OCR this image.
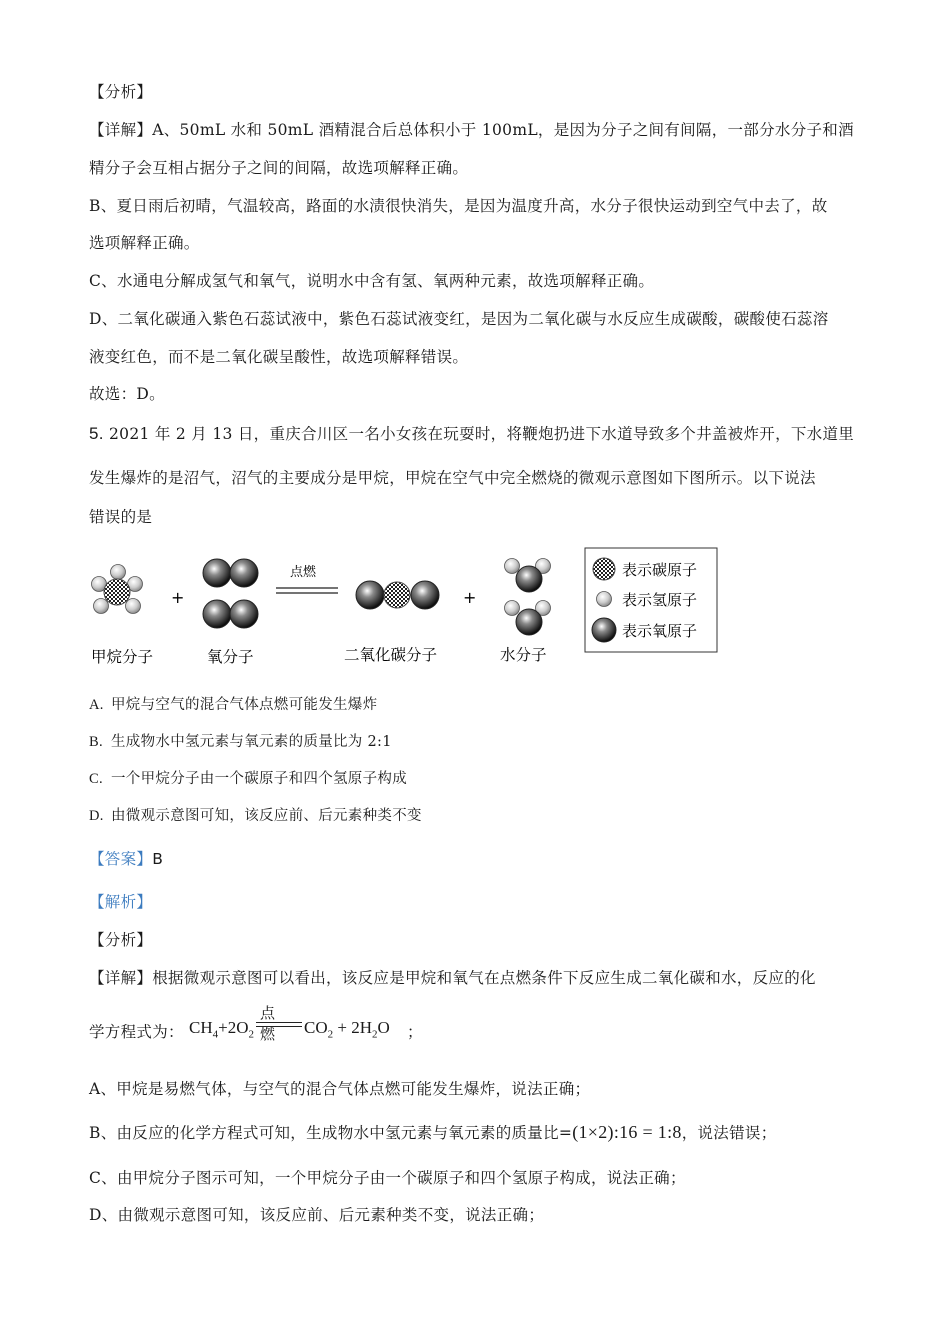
【分析】
【详解】A、50mL 水和 50mL 酒精混合后总体积小于 100mL，是因为分子之间有间隔，一部分水分子和酒
精分子会互相占据分子之间的间隔，故选项解释正确。
B、夏日雨后初晴，气温较高，路面的水渍很快消失，是因为温度升高，水分子很快运动到空气中去了，故
选项解释正确。
C、水通电分解成氢气和氧气，说明水中含有氢、氧两种元素，故选项解释正确。
D、二氧化碳通入紫色石蕊试液中，紫色石蕊试液变红，是因为二氧化碳与水反应生成碳酸，碳酸使石蕊溶
液变红色，而不是二氧化碳呈酸性，故选项解释错误。
故选：D。
5. 2021 年 2 月 13 日，重庆合川区一名小女孩在玩耍时，将鞭炮扔进下水道导致多个井盖被炸开，下水道里
发生爆炸的是沼气，沼气的主要成分是甲烷，甲烷在空气中完全燃烧的微观示意图如下图所示。以下说法
错误的是
+
点燃
+
表示碳原子
表示氢原子
表示氧原子
甲烷分子	氧分子	二氧化碳分子	水分子
A. 甲烷与空气的混合气体点燃可能发生爆炸
B. 生成物水中氢元素与氧元素的质量比为 2:1
C. 一个甲烷分子由一个碳原子和四个氢原子构成
D. 由微观示意图可知，该反应前、后元素种类不变
【答案】B
【解析】
【分析】
【详解】根据微观示意图可以看出，该反应是甲烷和氧气在点燃条件下反应生成二氧化碳和水，反应的化
学方程式为：
点燃
$CH_4+2O_2$	$CO_2 + 2H_2O$ ；
A、甲烷是易燃气体，与空气的混合气体点燃可能发生爆炸，说法正确；
B、由反应的化学方程式可知，生成物水中氢元素与氧元素的质量比=(1×2):16 = 1:8，说法错误；
C、由甲烷分子图示可知，一个甲烷分子由一个碳原子和四个氢原子构成，说法正确；
D、由微观示意图可知，该反应前、后元素种类不变，说法正确；
